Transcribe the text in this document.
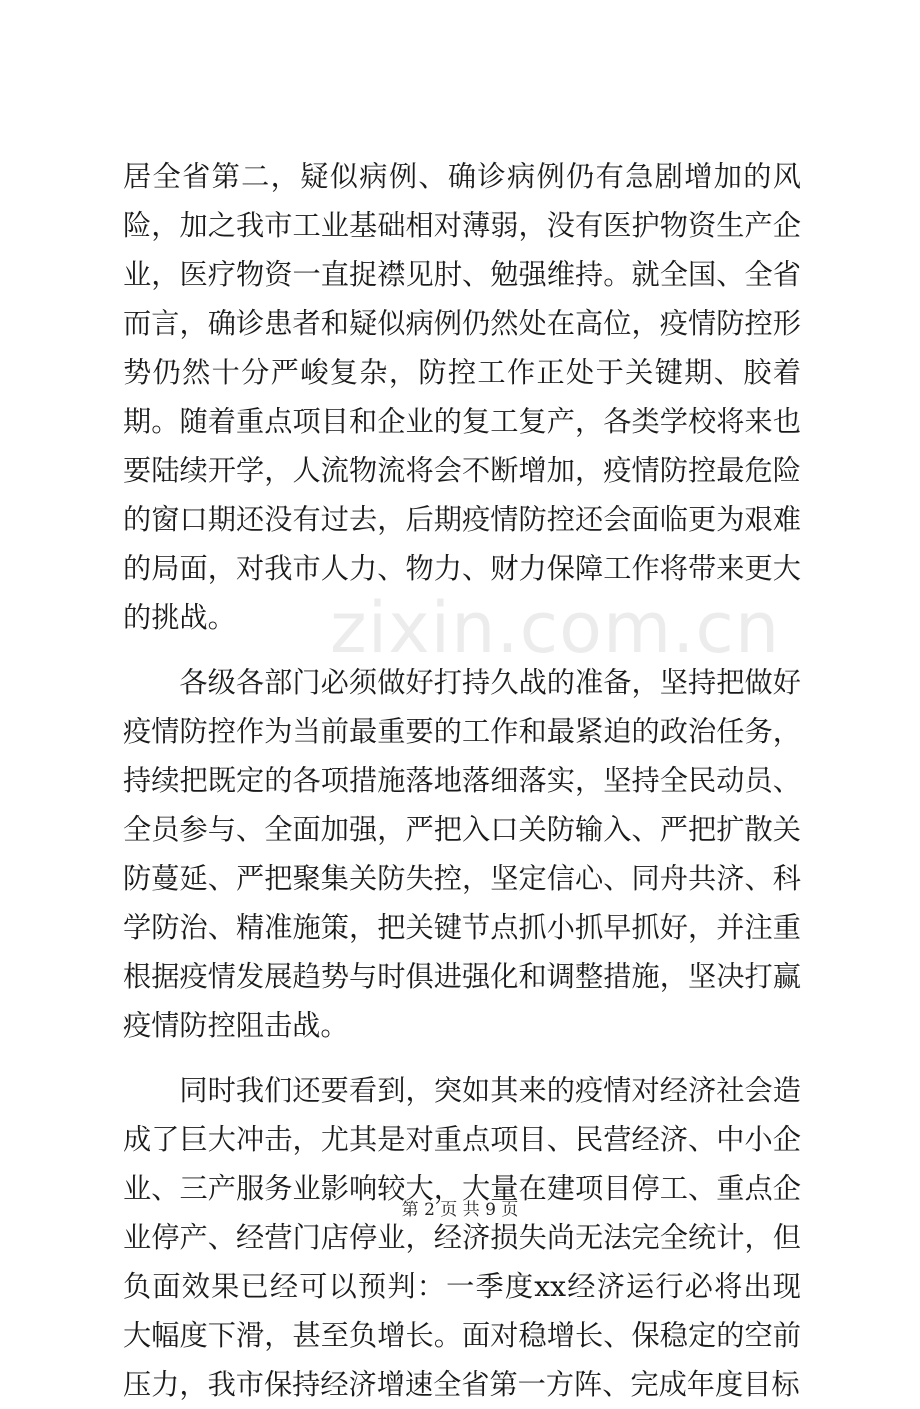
zixin.com.cn

居全省第二，疑似病例、确诊病例仍有急剧增加的风险，加之我市工业基础相对薄弱，没有医护物资生产企业，医疗物资一直捉襟见肘、勉强维持。就全国、全省而言，确诊患者和疑似病例仍然处在高位，疫情防控形势仍然十分严峻复杂，防控工作正处于关键期、胶着期。随着重点项目和企业的复工复产，各类学校将来也要陆续开学，人流物流将会不断增加，疫情防控最危险的窗口期还没有过去，后期疫情防控还会面临更为艰难的局面，对我市人力、物力、财力保障工作将带来更大的挑战。

各级各部门必须做好打持久战的准备，坚持把做好疫情防控作为当前最重要的工作和最紧迫的政治任务，持续把既定的各项措施落地落细落实，坚持全民动员、全员参与、全面加强，严把入口关防输入、严把扩散关防蔓延、严把聚集关防失控，坚定信心、同舟共济、科学防治、精准施策，把关键节点抓小抓早抓好，并注重根据疫情发展趋势与时俱进强化和调整措施，坚决打赢疫情防控阻击战。

同时我们还要看到，突如其来的疫情对经济社会造成了巨大冲击，尤其是对重点项目、民营经济、中小企业、三产服务业影响较大，大量在建项目停工、重点企业停产、经营门店停业，经济损失尚无法完全统计，但负面效果已经可以预判：一季度xx经济运行必将出现大幅度下滑，甚至负增长。面对稳增长、保稳定的空前压力，我市保持经济增速全省第一方阵、完成年度目标

第 2 页 共 9 页
